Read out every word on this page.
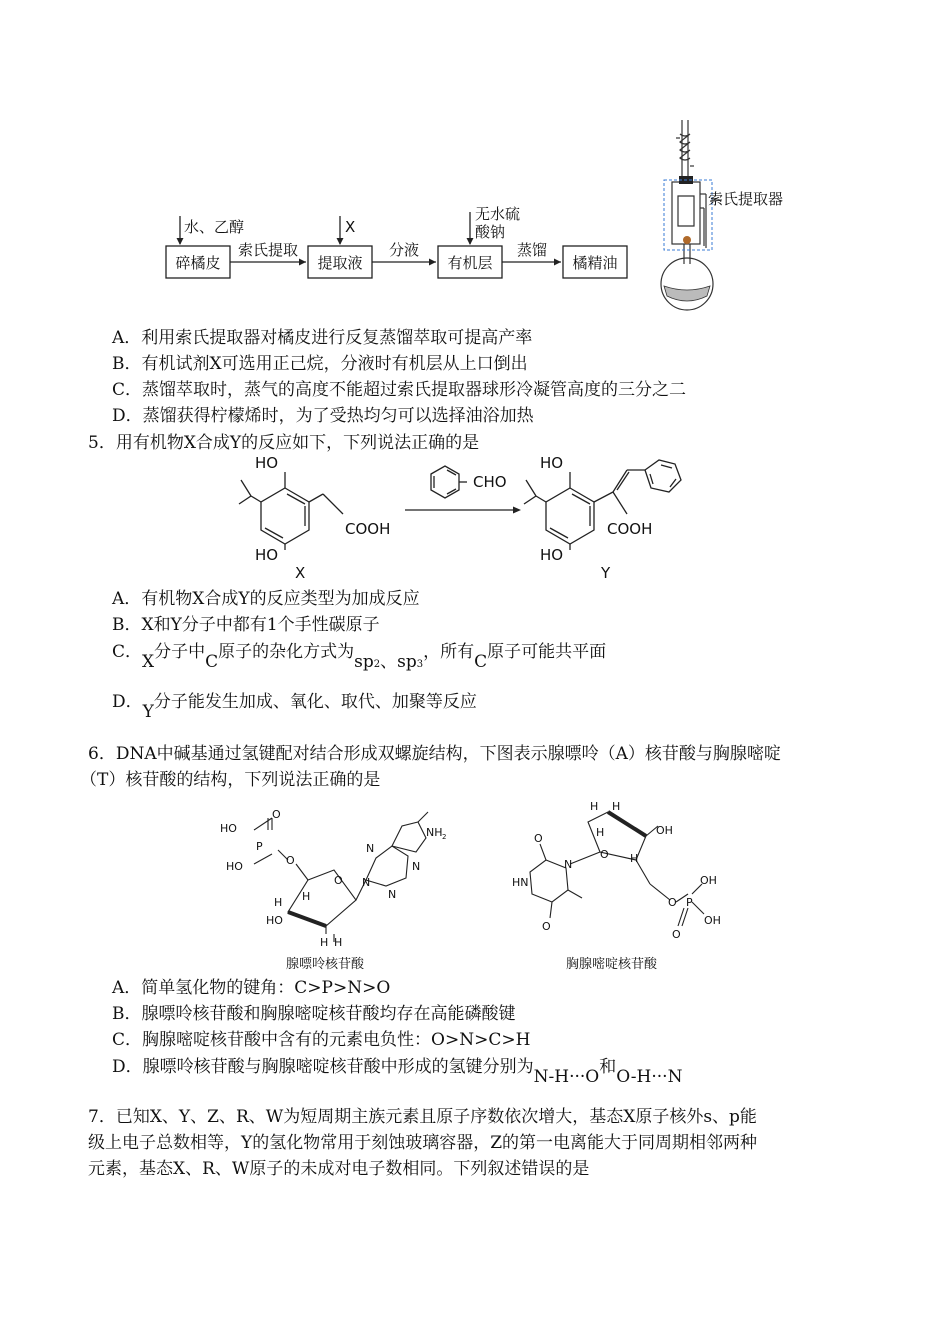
碎橘皮	提取液	有机层	橘精油
索氏提取	分液	蒸馏
水、乙醇	X
无水硫
酸钠
索氏提取器
A．利用索氏提取器对橘皮进行反复蒸馏萃取可提高产率
B．有机试剂X可选用正己烷，分液时有机层从上口倒出
C．蒸馏萃取时，蒸气的高度不能超过索氏提取器球形冷凝管高度的三分之二
D．蒸馏获得柠檬烯时，为了受热均匀可以选择油浴加热
5．用有机物X合成Y的反应如下，下列说法正确的是
HO
HO
COOH
X
CHO
HO
HO
COOH
Y
A．有机物X合成Y的反应类型为加成反应
B．X和Y分子中都有1个手性碳原子
C．X分子中C原子的杂化方式为$sp_2$、$sp_3$，所有C原子可能共平面
D．Y分子能发生加成、氧化、取代、加聚等反应
6．DNA中碱基通过氢键配对结合形成双螺旋结构，下图表示腺嘌呤（A）核苷酸与胸腺嘧啶
（T）核苷酸的结构，下列说法正确的是
HO
O
P
HO	O
N
NH 2
N
N
N
H
HO
H
H H
O
腺嘌呤核苷酸
H H
H	OH
O H
O
N
HN
O
O P
OH
OH
O
胸腺嘧啶核苷酸
A．简单氢化物的键角：C>P>N>O
B．腺嘌呤核苷酸和胸腺嘧啶核苷酸均存在高能磷酸键
C．胸腺嘧啶核苷酸中含有的元素电负性：O>N>C>H
D．腺嘌呤核苷酸与胸腺嘧啶核苷酸中形成的氢键分别为N-H···O和O-H···N
7．已知X、Y、Z、R、W为短周期主族元素且原子序数依次增大，基态X原子核外s、p能
级上电子总数相等，Y的氢化物常用于刻蚀玻璃容器，Z的第一电离能大于同周期相邻两种
元素，基态X、R、W原子的未成对电子数相同。下列叙述错误的是
